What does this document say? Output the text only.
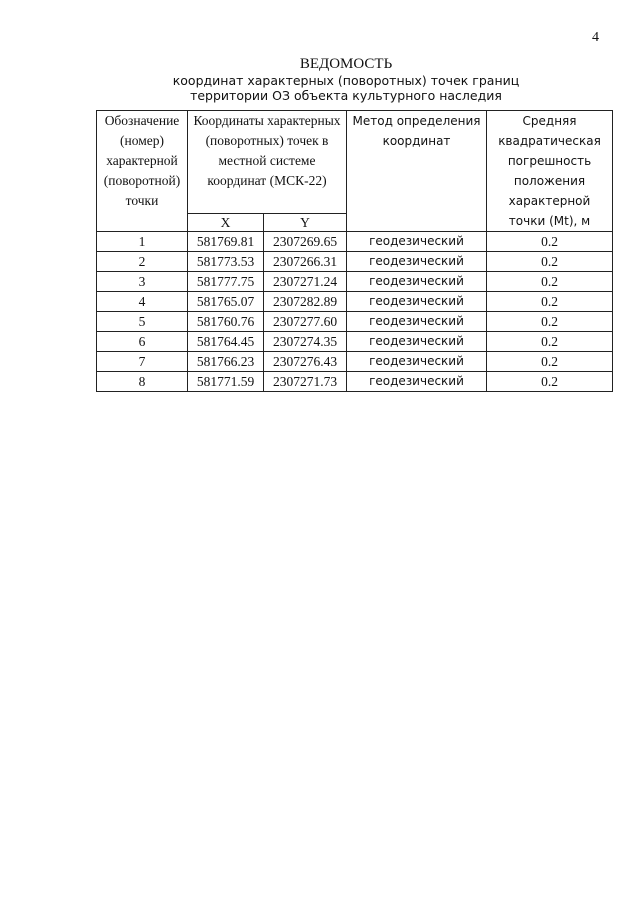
4
ВЕДОМОСТЬ
координат характерных (поворотных) точек границ
территории ОЗ объекта культурного наследия
Обозначение (номер) характерной (поворотной) точки	Координаты характерных (поворотных) точек в местной системе координат (МСК-22)		Метод определения координат	Средняя квадратическая погрешность положения характерной точки (Mt), м
	X	Y		
1	581769.81	2307269.65	геодезический	0.2
2	581773.53	2307266.31	геодезический	0.2
3	581777.75	2307271.24	геодезический	0.2
4	581765.07	2307282.89	геодезический	0.2
5	581760.76	2307277.60	геодезический	0.2
6	581764.45	2307274.35	геодезический	0.2
7	581766.23	2307276.43	геодезический	0.2
8	581771.59	2307271.73	геодезический	0.2
